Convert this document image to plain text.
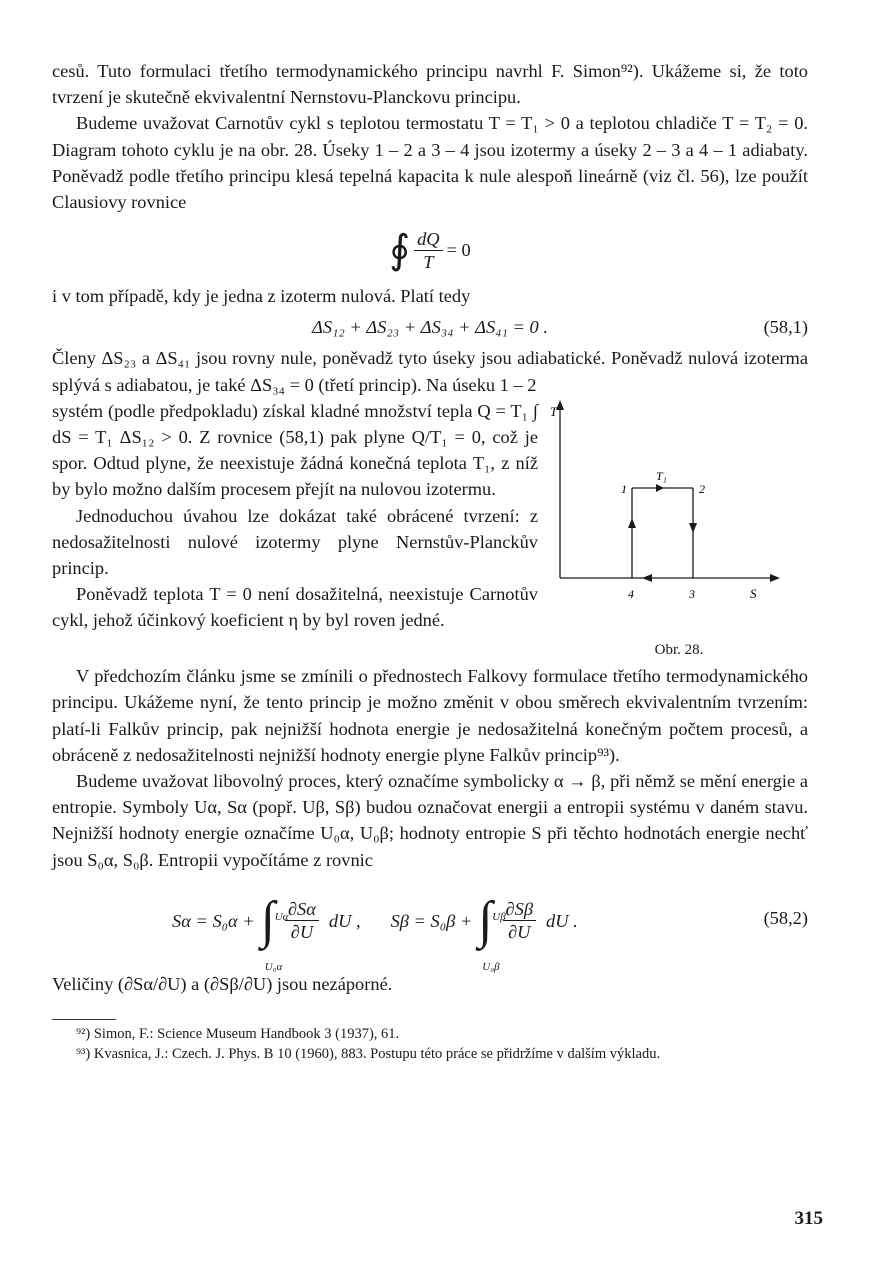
cesů. Tuto formulaci třetího termodynamického principu navrhl F. Simon⁹²). Ukážeme si, že toto tvrzení je skutečně ekvivalentní Nernstovu-Planckovu principu.

Budeme uvažovat Carnotův cykl s teplotou termostatu T = T₁ > 0 a teplotou chladiče T = T₂ = 0. Diagram tohoto cyklu je na obr. 28. Úseky 1 – 2 a 3 – 4 jsou izotermy a úseky 2 – 3 a 4 – 1 adiabaty. Poněvadž podle třetího principu klesá tepelná kapacita k nule alespoň lineárně (viz čl. 56), lze použít Clausiovy rovnice

∮ $\frac{dQ}{T} = 0$

i v tom případě, kdy je jedna z izoterm nulová. Platí tedy

ΔS₁₂ + ΔS₂₃ + ΔS₃₄ + ΔS₄₁ = 0 .	(58,1)

Členy ΔS₂₃ a ΔS₄₁ jsou rovny nule, poněvadž tyto úseky jsou adiabatické. Poněvadž nulová izoterma splývá s adiabatou, je také ΔS₃₄ = 0 (třetí princip). Na úseku 1 – 2

systém (podle předpokladu) získal kladné množství tepla Q = T₁ ∫ dS = T₁ ΔS₁₂ > 0. Z rovnice (58,1) pak plyne Q/T₁ = 0, což je spor. Odtud plyne, že neexistuje žádná konečná teplota T₁, z níž by bylo možno dalším procesem přejít na nulovou izotermu.

Jednoduchou úvahou lze dokázat také obrácené tvrzení: z nedosažitelnosti nulové izotermy plyne Nernstův-Planckův princip.

Poněvadž teplota T = 0 není dosažitelná, neexistuje Carnotův cykl, jehož účinkový koeficient η by byl roven jedné.

T
S
T₁
1	2
3
4
Obr. 28.

V předchozím článku jsme se zmínili o přednostech Falkovy formulace třetího termodynamického principu. Ukážeme nyní, že tento princip je možno změnit v obou směrech ekvivalentním tvrzením: platí-li Falkův princip, pak nejnižší hodnota energie je nedosažitelná konečným počtem procesů, a obráceně z nedosažitelnosti nejnižší hodnoty energie plyne Falkův princip⁹³).

Budeme uvažovat libovolný proces, který označíme symbolicky α → β, při němž se mění energie a entropie. Symboly Uα, Sα (popř. Uβ, Sβ) budou označovat energii a entropii systému v daném stavu. Nejnižší hodnoty energie označíme U₀α, U₀β; hodnoty entropie S při těchto hodnotách energie nechť jsou S₀α, S₀β. Entropii vypočítáme z rovnic

Sα = S₀α + ∫ Uα
U₀α
$\frac{\partial S\alpha}{\partial U}$ dU , Sβ = S₀β + ∫ Uβ
U₀β
$\frac{\partial S\beta}{\partial U}$ dU .	(58,2)

Veličiny (∂Sα/∂U) a (∂Sβ/∂U) jsou nezáporné.

⁹²) Simon, F.: Science Museum Handbook 3 (1937), 61.

⁹³) Kvasnica, J.: Czech. J. Phys. B 10 (1960), 883. Postupu této práce se přidržíme v dalším výkladu.

315
